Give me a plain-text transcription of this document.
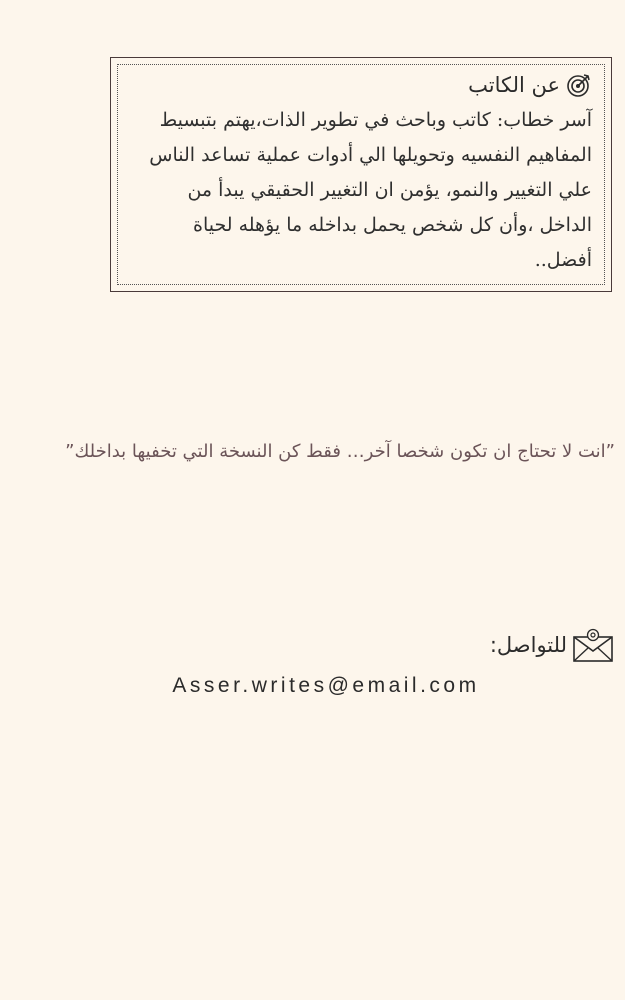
عن الكاتب
آسر خطاب: كاتب وباحث في تطوير الذات،يهتم بتبسيط المفاهيم النفسيه وتحويلها الي أدوات عملية تساعد الناس علي التغيير والنمو، يؤمن ان التغيير الحقيقي يبدأ من الداخل ،وأن كل شخص يحمل بداخله ما يؤهله لحياة أفضل..

”انت لا تحتاج ان تكون شخصا آخر… فقط كن النسخة التي تخفيها بداخلك”

للتواصل:
Asser.writes@email.com
